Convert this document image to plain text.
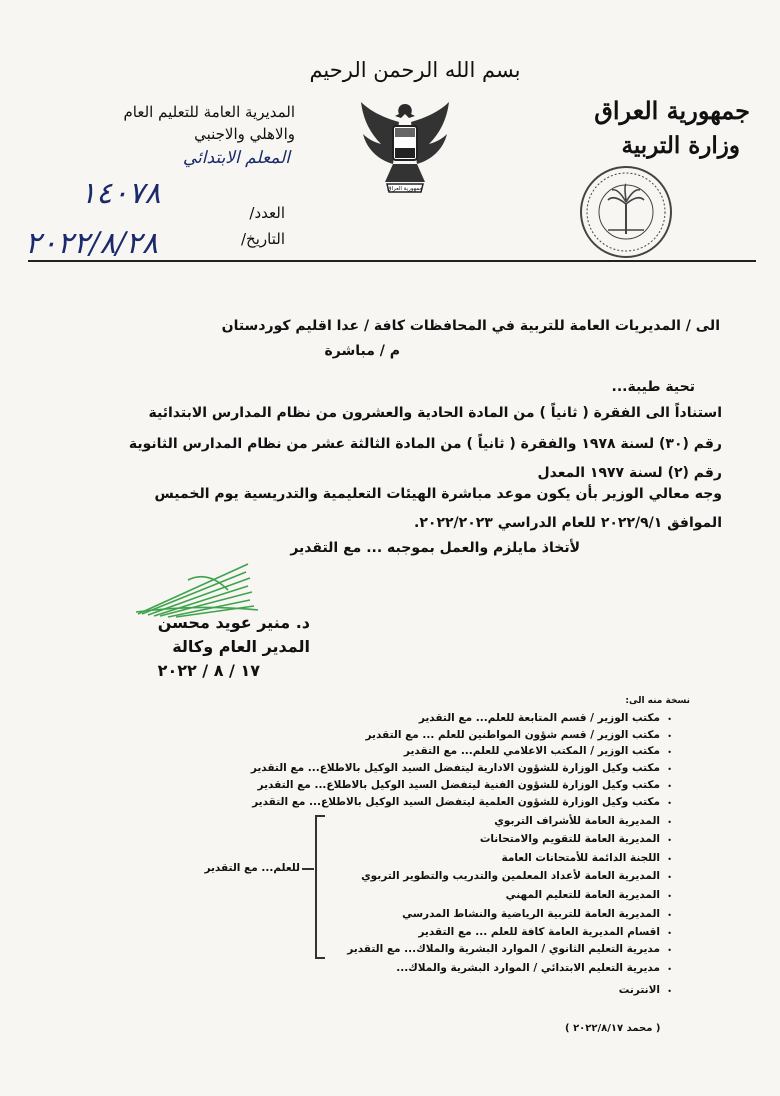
بسم الله الرحمن الرحيم
جمهورية العراق
وزارة التربية
جمهورية العراق
المديرية العامة للتعليم العام
والاهلي والاجنبي
المعلم الابتدائي
١٤٠٧٨
العدد/
٢٠٢٢/٨/٢٨	التاريخ/
الى / المديريات العامة للتربية في المحافظات كافة / عدا اقليم كوردستان
م / مباشرة
تحية طيبة...
استناداً الى الفقرة ( ثانياً ) من المادة الحادية والعشرون من نظام المدارس الابتدائية
رقم (٣٠) لسنة ١٩٧٨ والفقرة ( ثانياً ) من المادة الثالثة عشر من نظام المدارس الثانوية
رقم (٢) لسنة ١٩٧٧ المعدل
وجه معالي الوزير بأن يكون موعد مباشرة الهيئات التعليمية والتدريسية يوم الخميس
الموافق ٢٠٢٢/٩/١ للعام الدراسي ٢٠٢٢/٢٠٢٣.
لأتخاذ مايلزم والعمل بموجبه ... مع التقدير
د. منير عويد محسن
المدير العام وكالة
١٧ / ٨ / ٢٠٢٢
نسخة منه الى:
مكتب الوزير / قسم المتابعة للعلم... مع التقدير
مكتب الوزير / قسم شؤون المواطنين للعلم ... مع التقدير
مكتب الوزير / المكتب الاعلامي للعلم... مع التقدير
مكتب وكيل الوزارة للشؤون الادارية ليتفضل السيد الوكيل بالاطلاع... مع التقدير
مكتب وكيل الوزارة للشؤون الفنية ليتفضل السيد الوكيل بالاطلاع... مع التقدير
مكتب وكيل الوزارة للشؤون العلمية ليتفضل السيد الوكيل بالاطلاع... مع التقدير
المديرية العامة للأشراف التربوي
المديرية العامة للتقويم والامتحانات
اللجنة الدائمة للأمتحانات العامة
المديرية العامة لأعداد المعلمين والتدريب والتطوير التربوي
المديرية العامة للتعليم المهني
المديرية العامة للتربية الرياضية والنشاط المدرسي
اقسام المديرية العامة كافة للعلم ... مع التقدير
مديرية التعليم الثانوي / الموارد البشرية والملاك... مع التقدير
مديرية التعليم الابتدائي / الموارد البشرية والملاك...
الانترنت
•
•
•
•
•
•
•
•
•
•
•
•
•
•
•
•
للعلم... مع التقدير
( محمد ٢٠٢٢/٨/١٧ )
